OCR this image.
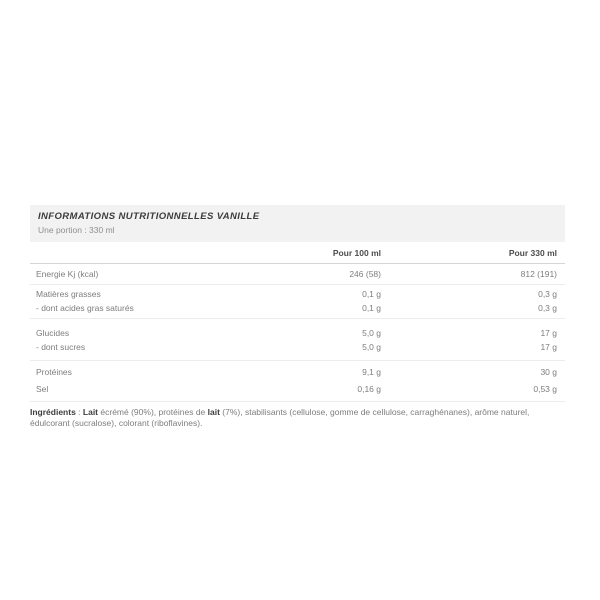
INFORMATIONS NUTRITIONNELLES VANILLE
Une portion : 330 ml
Pour 100 ml	Pour 330 ml
Energie Kj (kcal)	246 (58)	812 (191)
Matières grasses	0,1 g	0,3 g
- dont acides gras saturés	0,1 g	0,3 g
Glucides	5,0 g	17 g
- dont sucres	5,0 g	17 g
Protéines	9,1 g	30 g
Sel	0,16 g	0,53 g

Ingrédients : Lait écrémé (90%), protéines de lait (7%), stabilisants (cellulose, gomme de cellulose, carraghénanes), arôme naturel, édulcorant (sucralose), colorant (riboflavines).
